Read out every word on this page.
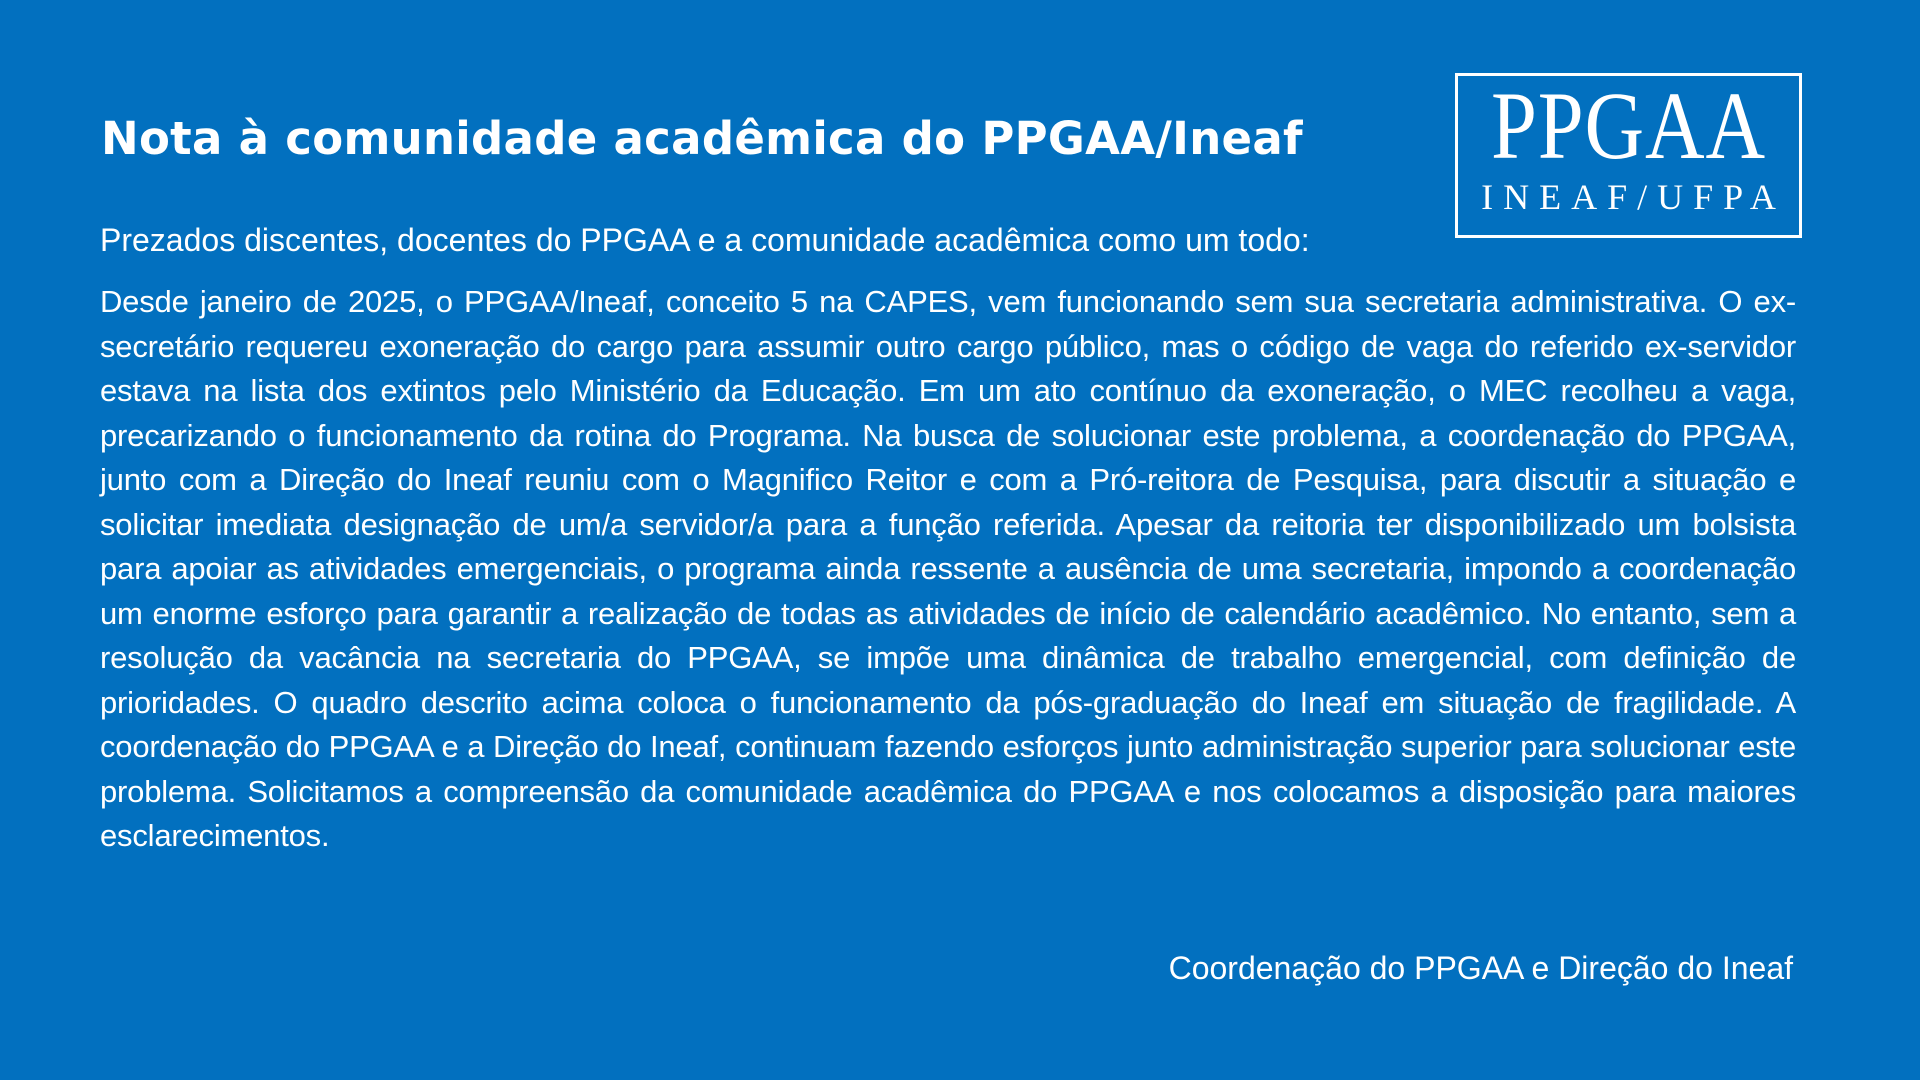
Nota à comunidade acadêmica do PPGAA/Ineaf PPGAA
INEAF/UFPA

Prezados discentes, docentes do PPGAA e a comunidade acadêmica como um todo:

Desde janeiro de 2025, o PPGAA/Ineaf, conceito 5 na CAPES, vem funcionando sem sua secretaria administrativa. O ex-secretário requereu exoneração do cargo para assumir outro cargo público, mas o código de vaga do referido ex-servidor estava na lista dos extintos pelo Ministério da Educação. Em um ato contínuo da exoneração, o MEC recolheu a vaga, precarizando o funcionamento da rotina do Programa. Na busca de solucionar este problema, a coordenação do PPGAA, junto com a Direção do Ineaf reuniu com o Magnifico Reitor e com a Pró-reitora de Pesquisa, para discutir a situação e solicitar imediata designação de um/a servidor/a para a função referida. Apesar da reitoria ter disponibilizado um bolsista para apoiar as atividades emergenciais, o programa ainda ressente a ausência de uma secretaria, impondo a coordenação um enorme esforço para garantir a realização de todas as atividades de início de calendário acadêmico. No entanto, sem a resolução da vacância na secretaria do PPGAA, se impõe uma dinâmica de trabalho emergencial, com definição de prioridades. O quadro descrito acima coloca o funcionamento da pós-graduação do Ineaf em situação de fragilidade. A coordenação do PPGAA e a Direção do Ineaf, continuam fazendo esforços junto administração superior para solucionar este problema. Solicitamos a compreensão da comunidade acadêmica do PPGAA e nos colocamos a disposição para maiores esclarecimentos.

Coordenação do PPGAA e Direção do Ineaf
